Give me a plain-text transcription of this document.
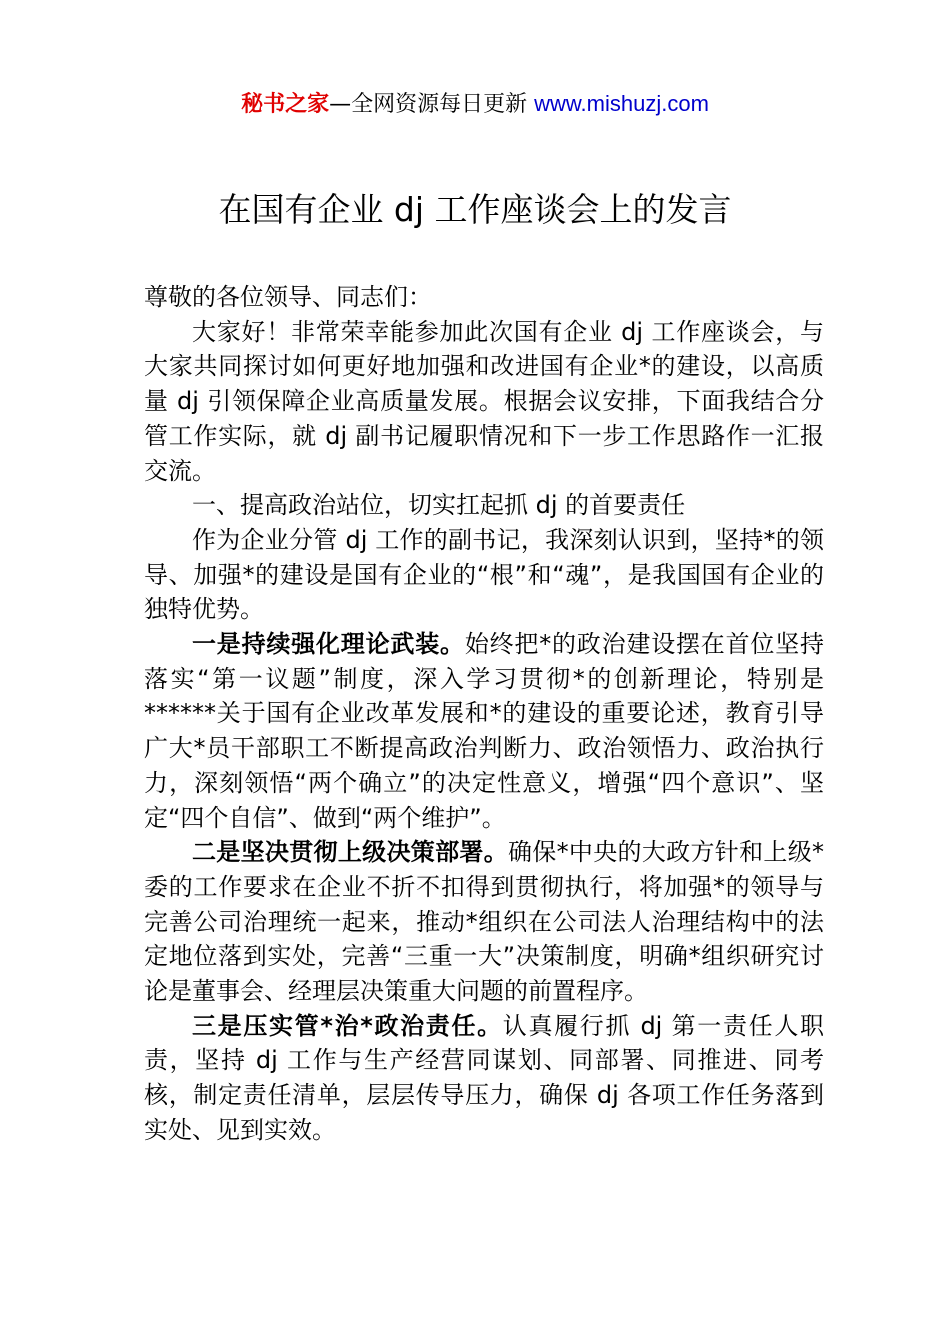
秘书之家—全网资源每日更新 www.mishuzj.com
在国有企业 dj 工作座谈会上的发言

尊敬的各位领导、同志们：

大家好！非常荣幸能参加此次国有企业 dj 工作座谈会，与大家共同探讨如何更好地加强和改进国有企业*的建设，以高质量 dj 引领保障企业高质量发展。根据会议安排，下面我结合分管工作实际，就 dj 副书记履职情况和下一步工作思路作一汇报交流。

一、提高政治站位，切实扛起抓 dj 的首要责任

作为企业分管 dj 工作的副书记，我深刻认识到，坚持*的领导、加强*的建设是国有企业的“根”和“魂”，是我国国有企业的独特优势。

一是持续强化理论武装。始终把*的政治建设摆在首位坚持落实“第一议题”制度，深入学习贯彻*的创新理论，特别是******关于国有企业改革发展和*的建设的重要论述，教育引导广大*员干部职工不断提高政治判断力、政治领悟力、政治执行力，深刻领悟“两个确立”的决定性意义，增强“四个意识”、坚定“四个自信”、做到“两个维护”。

二是坚决贯彻上级决策部署。确保*中央的大政方针和上级*委的工作要求在企业不折不扣得到贯彻执行，将加强*的领导与完善公司治理统一起来，推动*组织在公司法人治理结构中的法定地位落到实处，完善“三重一大”决策制度，明确*组织研究讨论是董事会、经理层决策重大问题的前置程序。

三是压实管*治*政治责任。认真履行抓 dj 第一责任人职责，坚持 dj 工作与生产经营同谋划、同部署、同推进、同考核，制定责任清单，层层传导压力，确保 dj 各项工作任务落到实处、见到实效。
